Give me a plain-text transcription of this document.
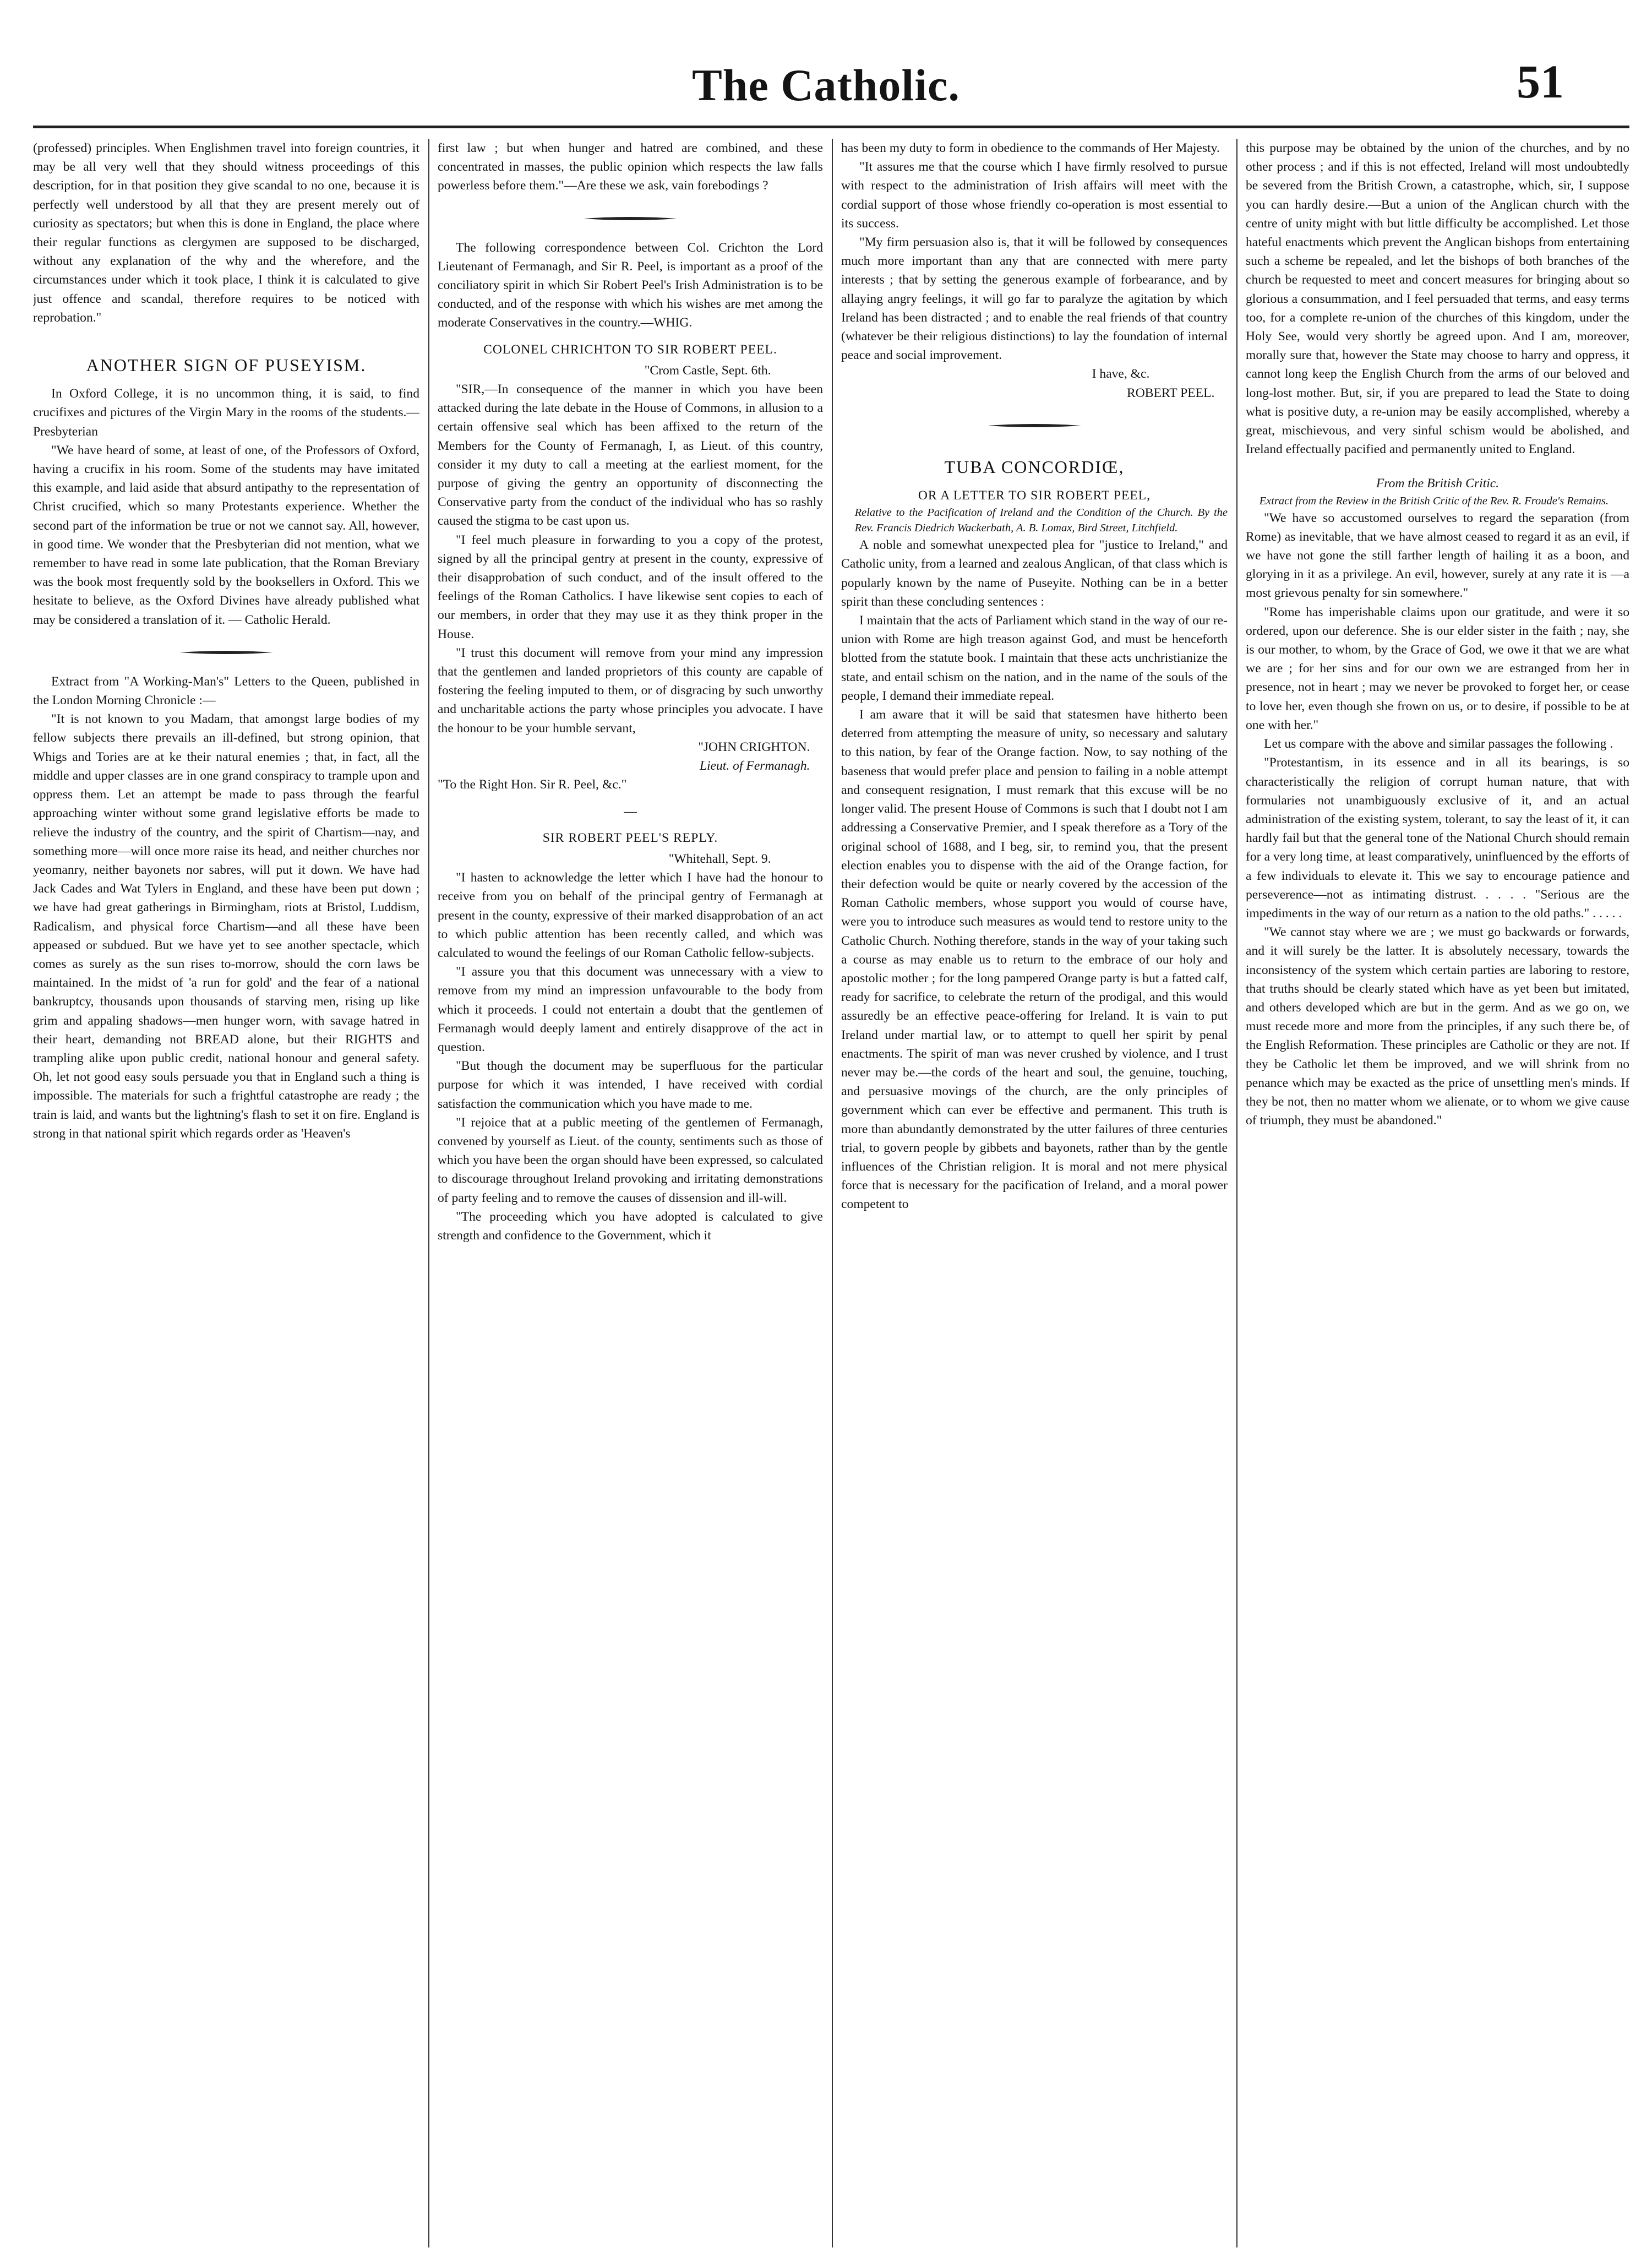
The Catholic.	51

(professed) principles. When Englishmen travel into foreign countries, it may be all very well that they should witness proceedings of this description, for in that position they give scandal to no one, because it is perfectly well understood by all that they are present merely out of curiosity as spectators; but when this is done in England, the place where their regular functions as clergymen are supposed to be discharged, without any explanation of the why and the wherefore, and the circumstances under which it took place, I think it is calculated to give just offence and scandal, therefore requires to be noticed with reprobation."

ANOTHER SIGN OF PUSEYISM.

In Oxford College, it is no uncommon thing, it is said, to find crucifixes and pictures of the Virgin Mary in the rooms of the students.—Presbyterian

"We have heard of some, at least of one, of the Professors of Oxford, having a crucifix in his room. Some of the students may have imitated this example, and laid aside that absurd antipathy to the representation of Christ crucified, which so many Protestants experience. Whether the second part of the information be true or not we cannot say. All, however, in good time. We wonder that the Presbyterian did not mention, what we remember to have read in some late publication, that the Roman Breviary was the book most frequently sold by the booksellers in Oxford. This we hesitate to believe, as the Oxford Divines have already published what may be considered a translation of it. — Catholic Herald.

Extract from "A Working-Man's" Letters to the Queen, published in the London Morning Chronicle :—

"It is not known to you Madam, that amongst large bodies of my fellow subjects there prevails an ill-defined, but strong opinion, that Whigs and Tories are at ke their natural enemies ; that, in fact, all the middle and upper classes are in one grand conspiracy to trample upon and oppress them. Let an attempt be made to pass through the fearful approaching winter without some grand legislative efforts be made to relieve the industry of the country, and the spirit of Chartism—nay, and something more—will once more raise its head, and neither churches nor yeomanry, neither bayonets nor sabres, will put it down. We have had Jack Cades and Wat Tylers in England, and these have been put down ; we have had great gatherings in Birmingham, riots at Bristol, Luddism, Radicalism, and physical force Chartism—and all these have been appeased or subdued. But we have yet to see another spectacle, which comes as surely as the sun rises to-morrow, should the corn laws be maintained. In the midst of 'a run for gold' and the fear of a national bankruptcy, thousands upon thousands of starving men, rising up like grim and appaling shadows—men hunger worn, with savage hatred in their heart, demanding not BREAD alone, but their RIGHTS and trampling alike upon public credit, national honour and general safety. Oh, let not good easy souls persuade you that in England such a thing is impossible. The materials for such a frightful catastrophe are ready ; the train is laid, and wants but the lightning's flash to set it on fire. England is strong in that national spirit which regards order as 'Heaven's

first law ; but when hunger and hatred are combined, and these concentrated in masses, the public opinion which respects the law falls powerless before them."—Are these we ask, vain forebodings ?

The following correspondence between Col. Crichton the Lord Lieutenant of Fermanagh, and Sir R. Peel, is important as a proof of the conciliatory spirit in which Sir Robert Peel's Irish Administration is to be conducted, and of the response with which his wishes are met among the moderate Conservatives in the country.—WHIG.

COLONEL CHRICHTON TO SIR ROBERT PEEL.

"Crom Castle, Sept. 6th.

"SIR,—In consequence of the manner in which you have been attacked during the late debate in the House of Commons, in allusion to a certain offensive seal which has been affixed to the return of the Members for the County of Fermanagh, I, as Lieut. of this country, consider it my duty to call a meeting at the earliest moment, for the purpose of giving the gentry an opportunity of disconnecting the Conservative party from the conduct of the individual who has so rashly caused the stigma to be cast upon us.

"I feel much pleasure in forwarding to you a copy of the protest, signed by all the principal gentry at present in the county, expressive of their disapprobation of such conduct, and of the insult offered to the feelings of the Roman Catholics. I have likewise sent copies to each of our members, in order that they may use it as they think proper in the House.

"I trust this document will remove from your mind any impression that the gentlemen and landed proprietors of this county are capable of fostering the feeling imputed to them, or of disgracing by such unworthy and uncharitable actions the party whose principles you advocate. I have the honour to be your humble servant,

"JOHN CRIGHTON.

Lieut. of Fermanagh.

"To the Right Hon. Sir R. Peel, &c."

—

SIR ROBERT PEEL'S REPLY.

"Whitehall, Sept. 9.

"I hasten to acknowledge the letter which I have had the honour to receive from you on behalf of the principal gentry of Fermanagh at present in the county, expressive of their marked disapprobation of an act to which public attention has been recently called, and which was calculated to wound the feelings of our Roman Catholic fellow-subjects.

"I assure you that this document was unnecessary with a view to remove from my mind an impression unfavourable to the body from which it proceeds. I could not entertain a doubt that the gentlemen of Fermanagh would deeply lament and entirely disapprove of the act in question.

"But though the document may be superfluous for the particular purpose for which it was intended, I have received with cordial satisfaction the communication which you have made to me.

"I rejoice that at a public meeting of the gentlemen of Fermanagh, convened by yourself as Lieut. of the county, sentiments such as those of which you have been the organ should have been expressed, so calculated to discourage throughout Ireland provoking and irritating demonstrations of party feeling and to remove the causes of dissension and ill-will.

"The proceeding which you have adopted is calculated to give strength and confidence to the Government, which it

has been my duty to form in obedience to the commands of Her Majesty.

"It assures me that the course which I have firmly resolved to pursue with respect to the administration of Irish affairs will meet with the cordial support of those whose friendly co-operation is most essential to its success.

"My firm persuasion also is, that it will be followed by consequences much more important than any that are connected with mere party interests ; that by setting the generous example of forbearance, and by allaying angry feelings, it will go far to paralyze the agitation by which Ireland has been distracted ; and to enable the real friends of that country (whatever be their religious distinctions) to lay the foundation of internal peace and social improvement.

I have, &c.

ROBERT PEEL.

TUBA CONCORDIŒ,

OR A LETTER TO SIR ROBERT PEEL,

Relative to the Pacification of Ireland and the Condition of the Church. By the Rev. Francis Diedrich Wackerbath, A. B. Lomax, Bird Street, Litchfield.

A noble and somewhat unexpected plea for "justice to Ireland," and Catholic unity, from a learned and zealous Anglican, of that class which is popularly known by the name of Puseyite. Nothing can be in a better spirit than these concluding sentences :

I maintain that the acts of Parliament which stand in the way of our re-union with Rome are high treason against God, and must be henceforth blotted from the statute book. I maintain that these acts unchristianize the state, and entail schism on the nation, and in the name of the souls of the people, I demand their immediate repeal.

I am aware that it will be said that statesmen have hitherto been deterred from attempting the measure of unity, so necessary and salutary to this nation, by fear of the Orange faction. Now, to say nothing of the baseness that would prefer place and pension to failing in a noble attempt and consequent resignation, I must remark that this excuse will be no longer valid. The present House of Commons is such that I doubt not I am addressing a Conservative Premier, and I speak therefore as a Tory of the original school of 1688, and I beg, sir, to remind you, that the present election enables you to dispense with the aid of the Orange faction, for their defection would be quite or nearly covered by the accession of the Roman Catholic members, whose support you would of course have, were you to introduce such measures as would tend to restore unity to the Catholic Church. Nothing therefore, stands in the way of your taking such a course as may enable us to return to the embrace of our holy and apostolic mother ; for the long pampered Orange party is but a fatted calf, ready for sacrifice, to celebrate the return of the prodigal, and this would assuredly be an effective peace-offering for Ireland. It is vain to put Ireland under martial law, or to attempt to quell her spirit by penal enactments. The spirit of man was never crushed by violence, and I trust never may be.—the cords of the heart and soul, the genuine, touching, and persuasive movings of the church, are the only principles of government which can ever be effective and permanent. This truth is more than abundantly demonstrated by the utter failures of three centuries trial, to govern people by gibbets and bayonets, rather than by the gentle influences of the Christian religion. It is moral and not mere physical force that is necessary for the pacification of Ireland, and a moral power competent to

this purpose may be obtained by the union of the churches, and by no other process ; and if this is not effected, Ireland will most undoubtedly be severed from the British Crown, a catastrophe, which, sir, I suppose you can hardly desire.—But a union of the Anglican church with the centre of unity might with but little difficulty be accomplished. Let those hateful enactments which prevent the Anglican bishops from entertaining such a scheme be repealed, and let the bishops of both branches of the church be requested to meet and concert measures for bringing about so glorious a consummation, and I feel persuaded that terms, and easy terms too, for a complete re-union of the churches of this kingdom, under the Holy See, would very shortly be agreed upon. And I am, moreover, morally sure that, however the State may choose to harry and oppress, it cannot long keep the English Church from the arms of our beloved and long-lost mother. But, sir, if you are prepared to lead the State to doing what is positive duty, a re-union may be easily accomplished, whereby a great, mischievous, and very sinful schism would be abolished, and Ireland effectually pacified and permanently united to England.

From the British Critic.

Extract from the Review in the British Critic of the Rev. R. Froude's Remains.

"We have so accustomed ourselves to regard the separation (from Rome) as inevitable, that we have almost ceased to regard it as an evil, if we have not gone the still farther length of hailing it as a boon, and glorying in it as a privilege. An evil, however, surely at any rate it is —a most grievous penalty for sin somewhere."

"Rome has imperishable claims upon our gratitude, and were it so ordered, upon our deference. She is our elder sister in the faith ; nay, she is our mother, to whom, by the Grace of God, we owe it that we are what we are ; for her sins and for our own we are estranged from her in presence, not in heart ; may we never be provoked to forget her, or cease to love her, even though she frown on us, or to desire, if possible to be at one with her."

Let us compare with the above and similar passages the following .

"Protestantism, in its essence and in all its bearings, is so characteristically the religion of corrupt human nature, that with formularies not unambiguously exclusive of it, and an actual administration of the existing system, tolerant, to say the least of it, it can hardly fail but that the general tone of the National Church should remain for a very long time, at least comparatively, uninfluenced by the efforts of a few individuals to elevate it. This we say to encourage patience and perseverence—not as intimating distrust. . . . . "Serious are the impediments in the way of our return as a nation to the old paths." . . . . .

"We cannot stay where we are ; we must go backwards or forwards, and it will surely be the latter. It is absolutely necessary, towards the inconsistency of the system which certain parties are laboring to restore, that truths should be clearly stated which have as yet been but imitated, and others developed which are but in the germ. And as we go on, we must recede more and more from the principles, if any such there be, of the English Reformation. These principles are Catholic or they are not. If they be Catholic let them be improved, and we will shrink from no penance which may be exacted as the price of unsettling men's minds. If they be not, then no matter whom we alienate, or to whom we give cause of triumph, they must be abandoned."
